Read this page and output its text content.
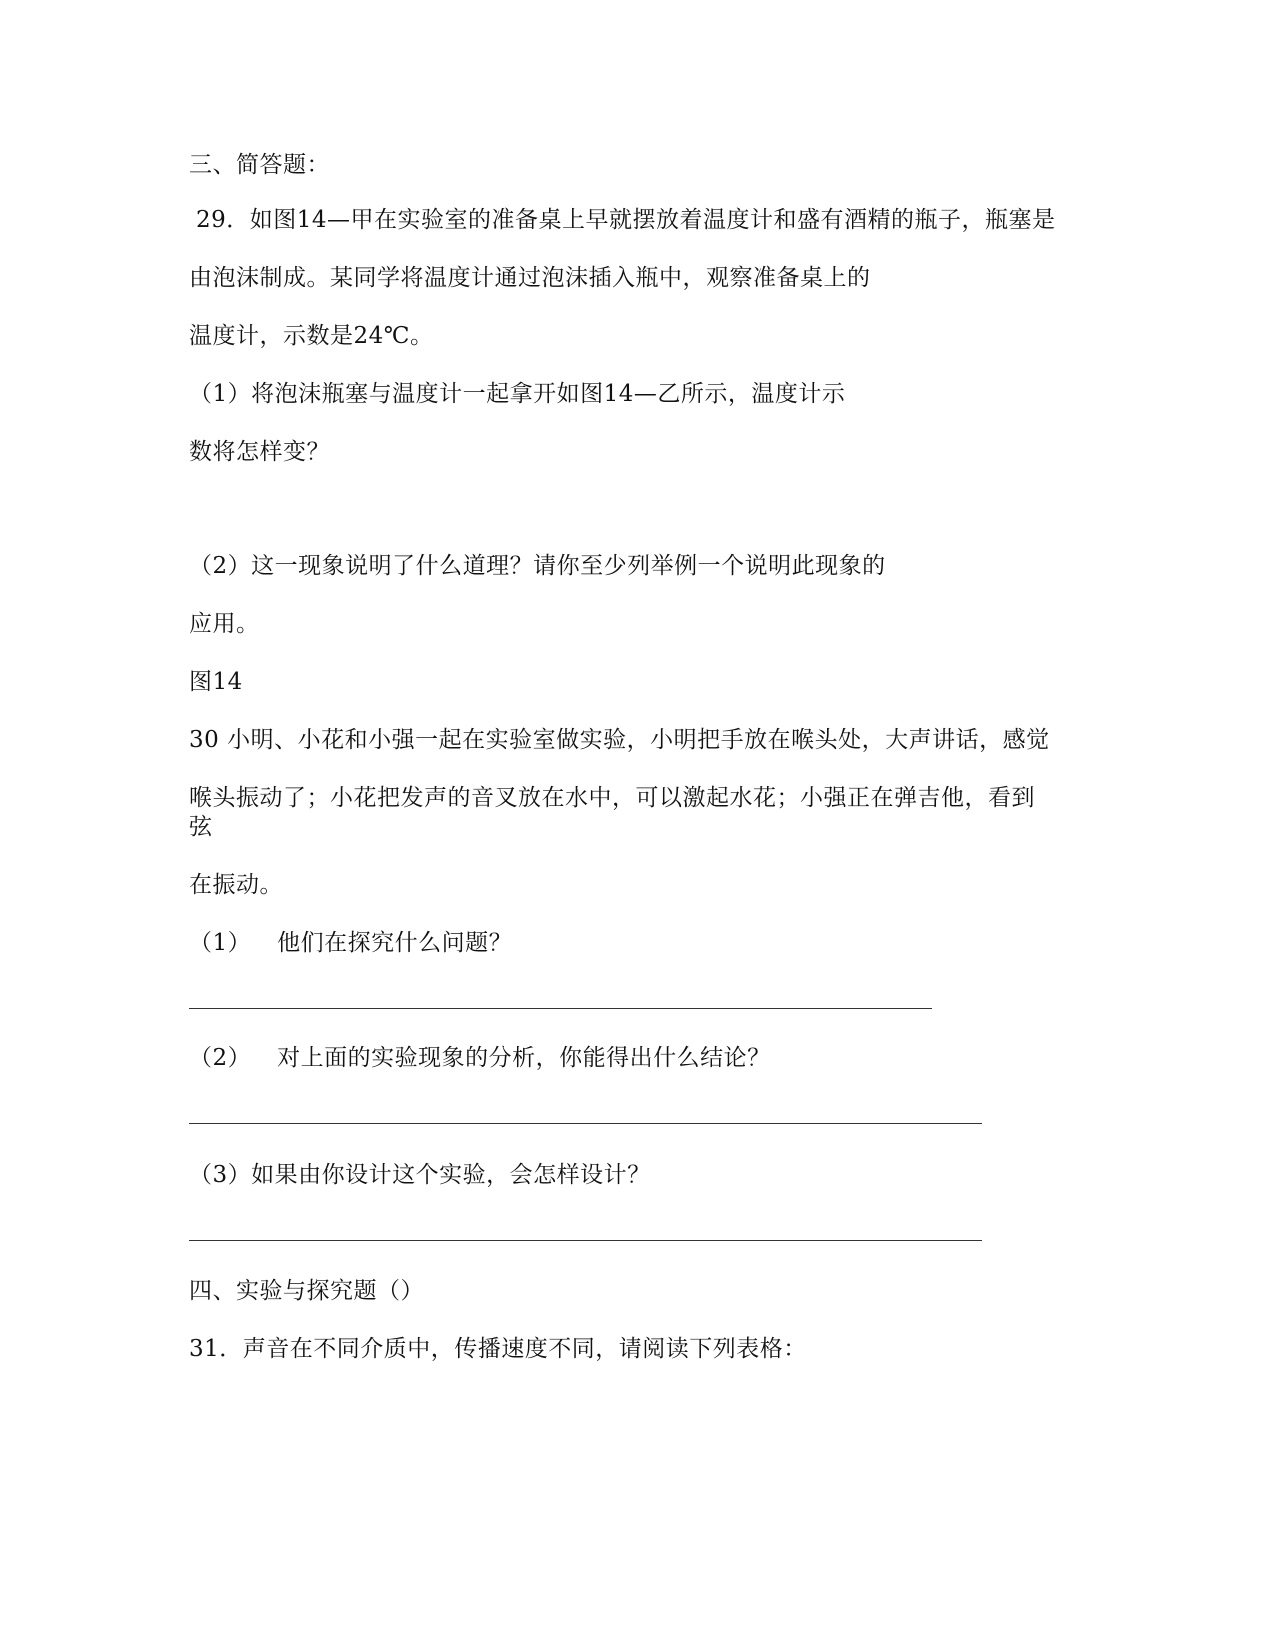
三、简答题：
29．如图14—甲在实验室的准备桌上早就摆放着温度计和盛有酒精的瓶子，瓶塞是
由泡沫制成。某同学将温度计通过泡沫插入瓶中，观察准备桌上的
温度计，示数是24℃。
（1）将泡沫瓶塞与温度计一起拿开如图14—乙所示，温度计示
数将怎样变？
（2）这一现象说明了什么道理？请你至少列举例一个说明此现象的
应用。
图14
30 小明、小花和小强一起在实验室做实验，小明把手放在喉头处，大声讲话，感觉
喉头振动了；小花把发声的音叉放在水中，可以激起水花；小强正在弹吉他，看到
弦
在振动。
（1） 他们在探究什么问题？
（2） 对上面的实验现象的分析，你能得出什么结论？
（3）如果由你设计这个实验，会怎样设计？
四、实验与探究题（）
31．声音在不同介质中，传播速度不同，请阅读下列表格：
